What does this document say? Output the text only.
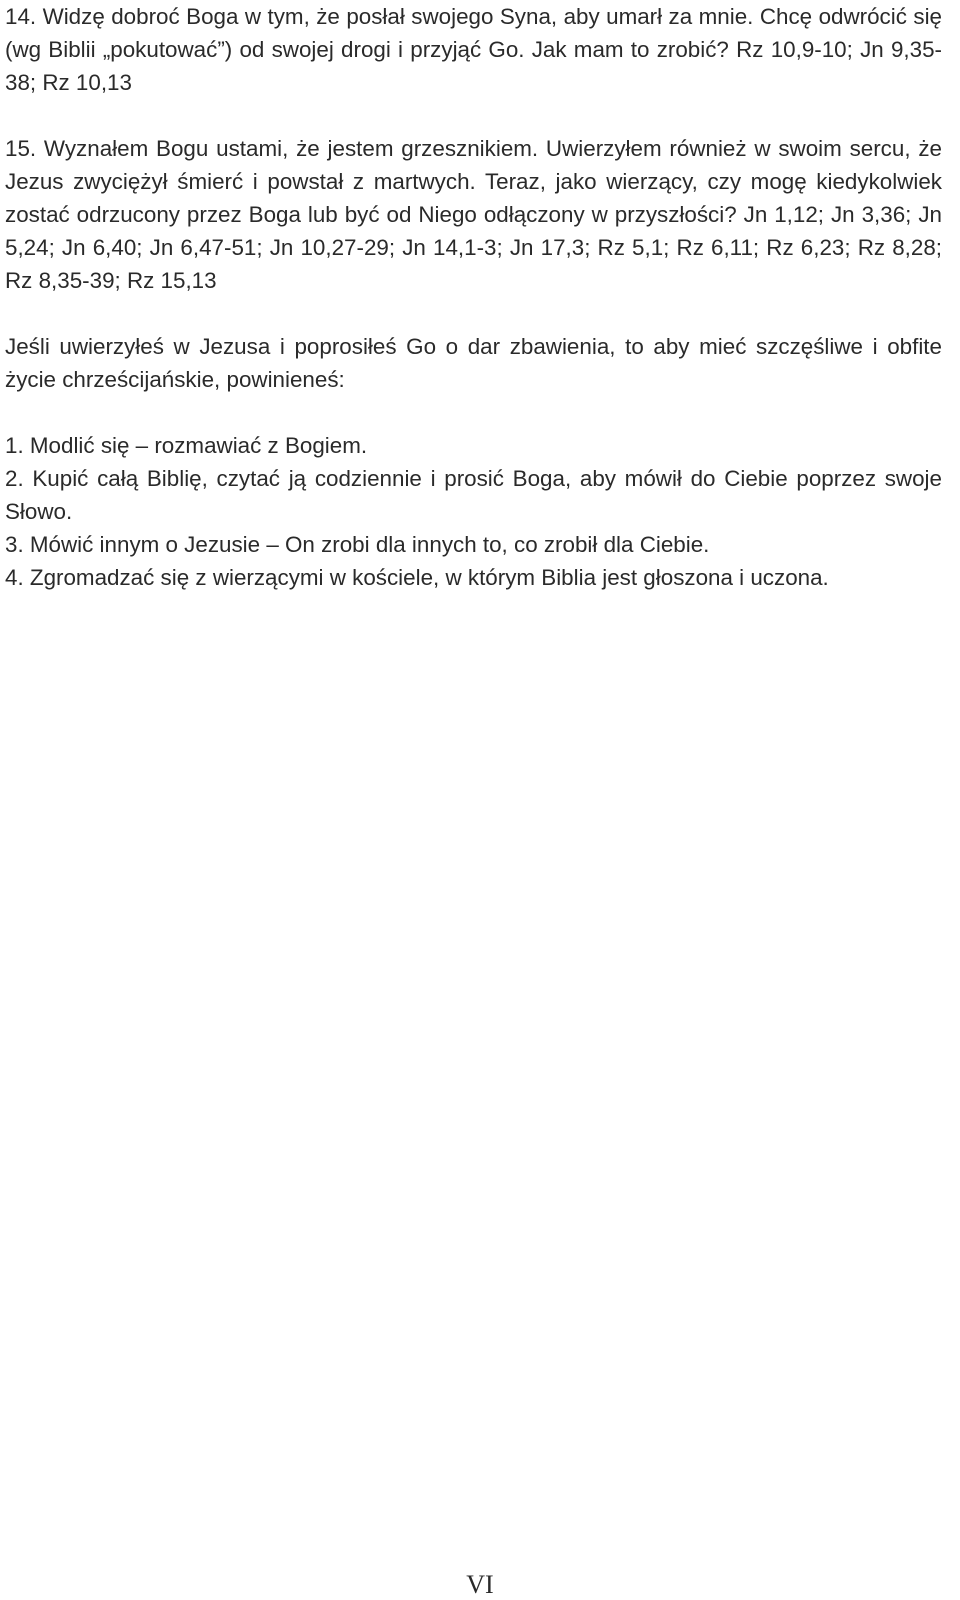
14. Widzę dobroć Boga w tym, że posłał swojego Syna, aby umarł za mnie. Chcę odwrócić się (wg Biblii „pokutować”) od swojej drogi i przyjąć Go. Jak mam to zrobić? Rz 10,9-10; Jn 9,35-38; Rz 10,13

15. Wyznałem Bogu ustami, że jestem grzesznikiem. Uwierzyłem również w swoim sercu, że Jezus zwyciężył śmierć i powstał z martwych. Teraz, jako wierzący, czy mogę kiedykolwiek zostać odrzucony przez Boga lub być od Niego odłączony w przyszłości? Jn 1,12; Jn 3,36; Jn 5,24; Jn 6,40; Jn 6,47-51; Jn 10,27-29; Jn 14,1-3; Jn 17,3; Rz 5,1; Rz 6,11; Rz 6,23; Rz 8,28; Rz 8,35-39; Rz 15,13

Jeśli uwierzyłeś w Jezusa i poprosiłeś Go o dar zbawienia, to aby mieć szczęśliwe i obfite życie chrześcijańskie, powinieneś:

1. Modlić się – rozmawiać z Bogiem.

2. Kupić całą Biblię, czytać ją codziennie i prosić Boga, aby mówił do Ciebie poprzez swoje Słowo.

3. Mówić innym o Jezusie – On zrobi dla innych to, co zrobił dla Ciebie.

4. Zgromadzać się z wierzącymi w kościele, w którym Biblia jest głoszona i uczona.

VI
